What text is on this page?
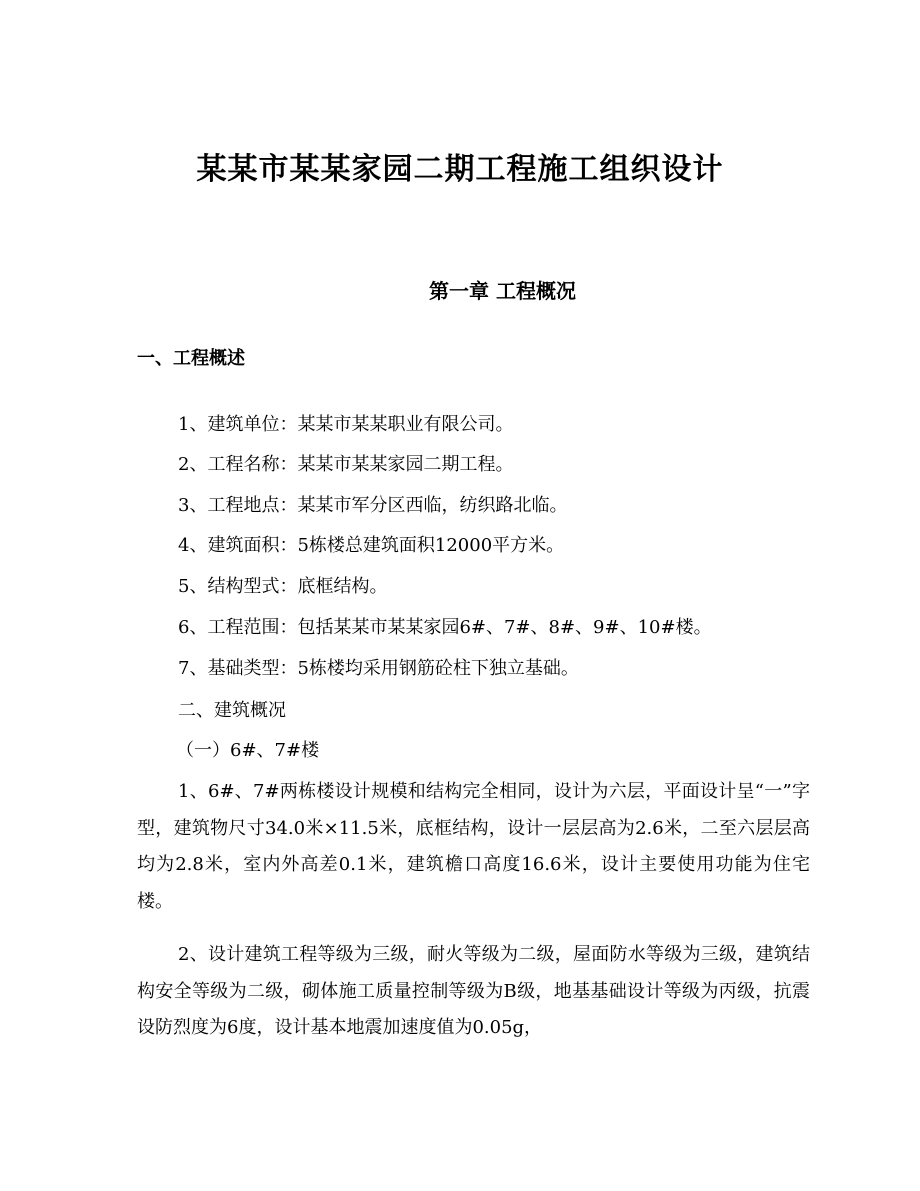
某某市某某家园二期工程施工组织设计
第一章 工程概况
一、工程概述
1、建筑单位：某某市某某职业有限公司。
2、工程名称：某某市某某家园二期工程。
3、工程地点：某某市军分区西临，纺织路北临。
4、建筑面积：5栋楼总建筑面积12000平方米。
5、结构型式：底框结构。
6、工程范围：包括某某市某某家园6#、7#、8#、9#、10#楼。
7、基础类型：5栋楼均采用钢筋砼柱下独立基础。
二、建筑概况
（一）6#、7#楼
1、6#、7#两栋楼设计规模和结构完全相同，设计为六层，平面设计呈“一”字型，建筑物尺寸34.0米×11.5米，底框结构，设计一层层高为2.6米，二至六层层高均为2.8米，室内外高差0.1米，建筑檐口高度16.6米，设计主要使用功能为住宅楼。
2、设计建筑工程等级为三级，耐火等级为二级，屋面防水等级为三级，建筑结构安全等级为二级，砌体施工质量控制等级为B级，地基基础设计等级为丙级，抗震设防烈度为6度，设计基本地震加速度值为0.05g，
